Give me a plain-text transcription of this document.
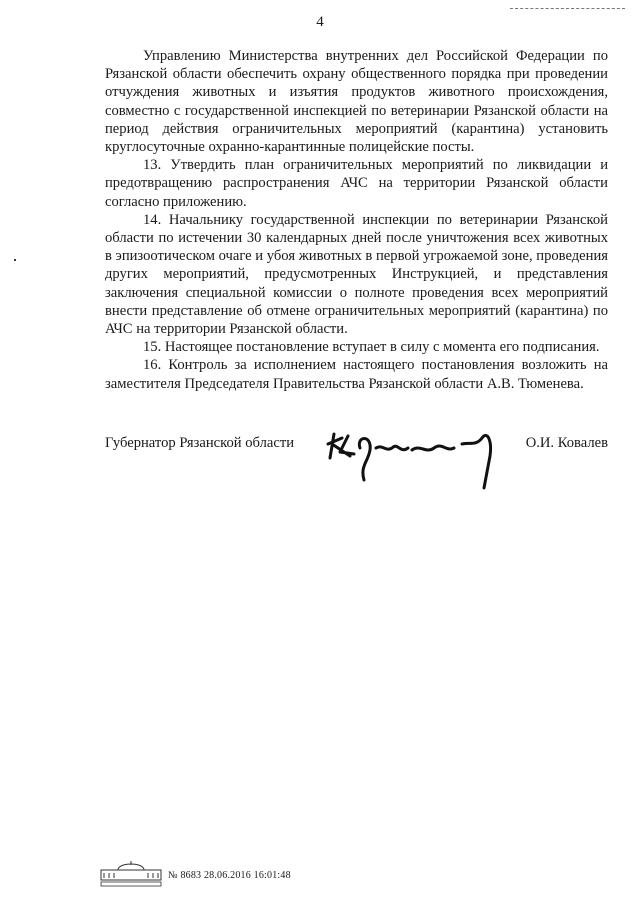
4

Управлению Министерства внутренних дел Российской Федерации по Рязанской области обеспечить охрану общественного порядка при проведении отчуждения животных и изъятия продуктов животного происхождения, совместно с государственной инспекцией по ветеринарии Рязанской области на период действия ограничительных мероприятий (карантина) установить круглосуточные охранно-карантинные полицейские посты.

13. Утвердить план ограничительных мероприятий по ликвидации и предотвращению распространения АЧС на территории Рязанской области согласно приложению.

14. Начальнику государственной инспекции по ветеринарии Рязанской области по истечении 30 календарных дней после уничтожения всех животных в эпизоотическом очаге и убоя животных в первой угрожаемой зоне, проведения других мероприятий, предусмотренных Инструкцией, и представления заключения специальной комиссии о полноте проведения всех мероприятий внести представление об отмене ограничительных мероприятий (карантина) по АЧС на территории Рязанской области.

15. Настоящее постановление вступает в силу с момента его подписания.

16. Контроль за исполнением настоящего постановления возложить на заместителя Председателя Правительства Рязанской области А.В. Тюменева.

Губернатор Рязанской области	О.И. Ковалев
№ 8683 28.06.2016 16:01:48
